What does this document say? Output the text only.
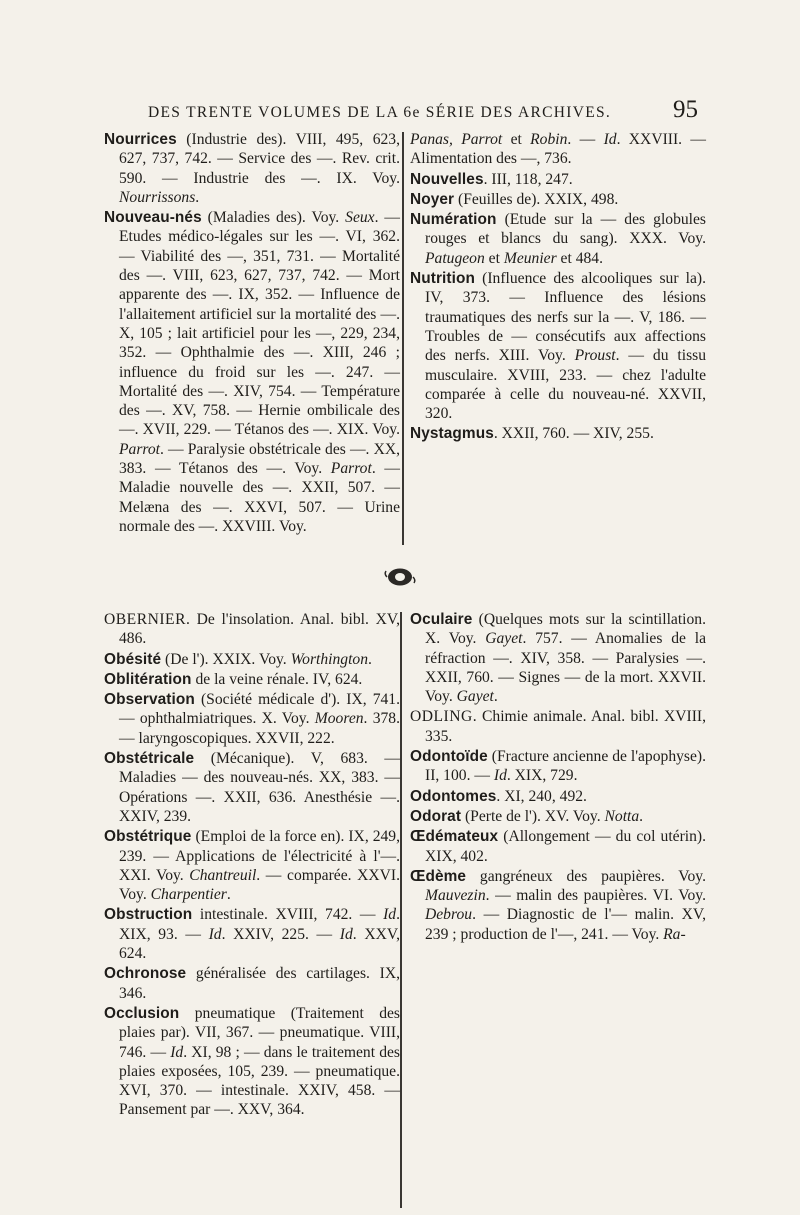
DES TRENTE VOLUMES DE LA 6e SÉRIE DES ARCHIVES. 95

Nourrices (Industrie des). VIII, 495, 623, 627, 737, 742. — Service des —. Rev. crit. 590. — Industrie des —. IX. Voy. Nourrissons.

Nouveau-nés (Maladies des). Voy. Seux. — Etudes médico-légales sur les —. VI, 362. — Viabilité des —, 351, 731. — Mortalité des —. VIII, 623, 627, 737, 742. — Mort apparente des —. IX, 352. — Influence de l'allaitement artificiel sur la mortalité des —. X, 105 ; lait artificiel pour les —, 229, 234, 352. — Ophthalmie des —. XIII, 246 ; influence du froid sur les —. 247. — Mortalité des —. XIV, 754. — Température des —. XV, 758. — Hernie ombilicale des —. XVII, 229. — Tétanos des —. XIX. Voy. Parrot. — Paralysie obstétricale des —. XX, 383. — Tétanos des —. Voy. Parrot. — Maladie nouvelle des —. XXII, 507. — Melæna des —. XXVI, 507. — Urine normale des —. XXVIII. Voy.

Panas, Parrot et Robin. — Id. XXVIII. — Alimentation des —, 736.

Nouvelles. III, 118, 247.

Noyer (Feuilles de). XXIX, 498.

Numération (Etude sur la — des globules rouges et blancs du sang). XXX. Voy. Patugeon et Meunier et 484.

Nutrition (Influence des alcooliques sur la). IV, 373. — Influence des lésions traumatiques des nerfs sur la —. V, 186. — Troubles de — consécutifs aux affections des nerfs. XIII. Voy. Proust. — du tissu musculaire. XVIII, 233. — chez l'adulte comparée à celle du nouveau-né. XXVII, 320.

Nystagmus. XXII, 760. — XIV, 255.

OBERNIER. De l'insolation. Anal. bibl. XV, 486.

Obésité (De l'). XXIX. Voy. Worthington.

Oblitération de la veine rénale. IV, 624.

Observation (Société médicale d'). IX, 741. — ophthalmiatriques. X. Voy. Mooren. 378. — laryngoscopiques. XXVII, 222.

Obstétricale (Mécanique). V, 683. — Maladies — des nouveau-nés. XX, 383. — Opérations —. XXII, 636. Anesthésie —. XXIV, 239.

Obstétrique (Emploi de la force en). IX, 249, 239. — Applications de l'électricité à l'—. XXI. Voy. Chantreuil. — comparée. XXVI. Voy. Charpentier.

Obstruction intestinale. XVIII, 742. — Id. XIX, 93. — Id. XXIV, 225. — Id. XXV, 624.

Ochronose généralisée des cartilages. IX, 346.

Occlusion pneumatique (Traitement des plaies par). VII, 367. — pneumatique. VIII, 746. — Id. XI, 98 ; — dans le traitement des plaies exposées, 105, 239. — pneumatique. XVI, 370. — intestinale. XXIV, 458. — Pansement par —. XXV, 364.

Oculaire (Quelques mots sur la scintillation. X. Voy. Gayet. 757. — Anomalies de la réfraction —. XIV, 358. — Paralysies —. XXII, 760. — Signes — de la mort. XXVII. Voy. Gayet.

ODLING. Chimie animale. Anal. bibl. XVIII, 335.

Odontoïde (Fracture ancienne de l'apophyse). II, 100. — Id. XIX, 729.

Odontomes. XI, 240, 492.

Odorat (Perte de l'). XV. Voy. Notta.

Œdémateux (Allongement — du col utérin). XIX, 402.

Œdème gangréneux des paupières. Voy. Mauvezin. — malin des paupières. VI. Voy. Debrou. — Diagnostic de l'— malin. XV, 239 ; production de l'—, 241. — Voy. Ra-
